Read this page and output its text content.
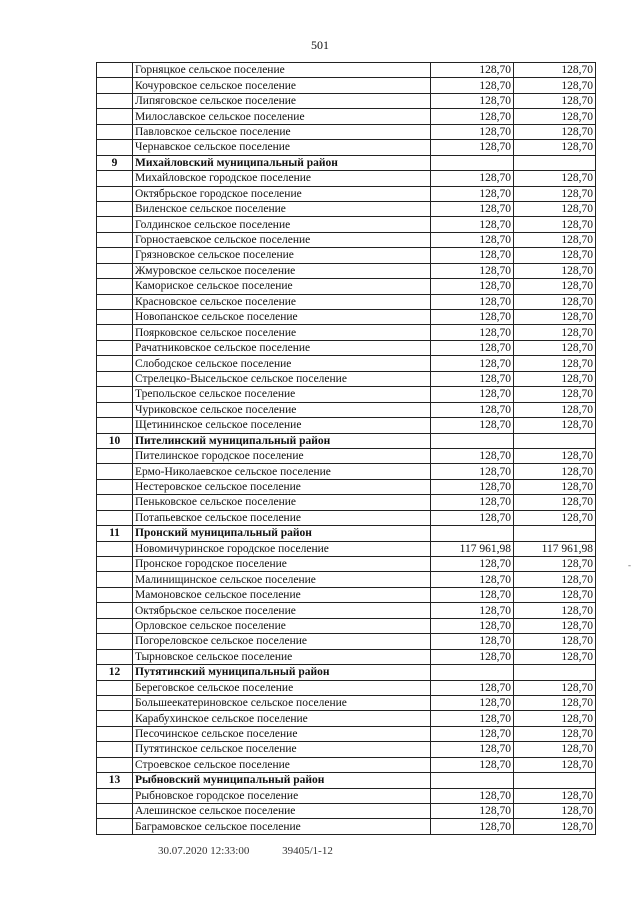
501
	Горняцкое сельское поселение	128,70	128,70
	Кочуровское сельское поселение	128,70	128,70
	Липяговское сельское поселение	128,70	128,70
	Милославское сельское поселение	128,70	128,70
	Павловское сельское поселение	128,70	128,70
	Чернавское сельское поселение	128,70	128,70
9	Михайловский муниципальный район		
	Михайловское городское поселение	128,70	128,70
	Октябрьское городское поселение	128,70	128,70
	Виленское сельское поселение	128,70	128,70
	Голдинское сельское поселение	128,70	128,70
	Горностаевское сельское поселение	128,70	128,70
	Грязновское сельское поселение	128,70	128,70
	Жмуровское сельское поселение	128,70	128,70
	Камориское сельское поселение	128,70	128,70
	Красновское сельское поселение	128,70	128,70
	Новопанское сельское поселение	128,70	128,70
	Поярковское сельское поселение	128,70	128,70
	Рачатниковское сельское поселение	128,70	128,70
	Слободское сельское поселение	128,70	128,70
	Стрелецко-Высельское сельское поселение	128,70	128,70
	Трепольское сельское поселение	128,70	128,70
	Чуриковское сельское поселение	128,70	128,70
	Щетининское сельское поселение	128,70	128,70
10	Пителинский муниципальный район		
	Пителинское городское поселение	128,70	128,70
	Ермо-Николаевское сельское поселение	128,70	128,70
	Нестеровское сельское поселение	128,70	128,70
	Пеньковское сельское поселение	128,70	128,70
	Потапьевское сельское поселение	128,70	128,70
11	Пронский муниципальный район		
	Новомичуринское городское поселение	117 961,98	117 961,98
	Пронское городское поселение	128,70	128,70
	Малинищинское сельское поселение	128,70	128,70
	Мамоновское сельское поселение	128,70	128,70
	Октябрьское сельское поселение	128,70	128,70
	Орловское сельское поселение	128,70	128,70
	Погореловское сельское поселение	128,70	128,70
	Тырновское сельское поселение	128,70	128,70
12	Путятинский муниципальный район		
	Береговское сельское поселение	128,70	128,70
	Большеекатериновское сельское поселение	128,70	128,70
	Карабухинское сельское поселение	128,70	128,70
	Песочинское сельское поселение	128,70	128,70
	Путятинское сельское поселение	128,70	128,70
	Строевское сельское поселение	128,70	128,70
13	Рыбновский муниципальный район		
	Рыбновское городское поселение	128,70	128,70
	Алешинское сельское поселение	128,70	128,70
	Баграмовское сельское поселение	128,70	128,70
30.07.2020 12:33:00	39405/1-12
-
